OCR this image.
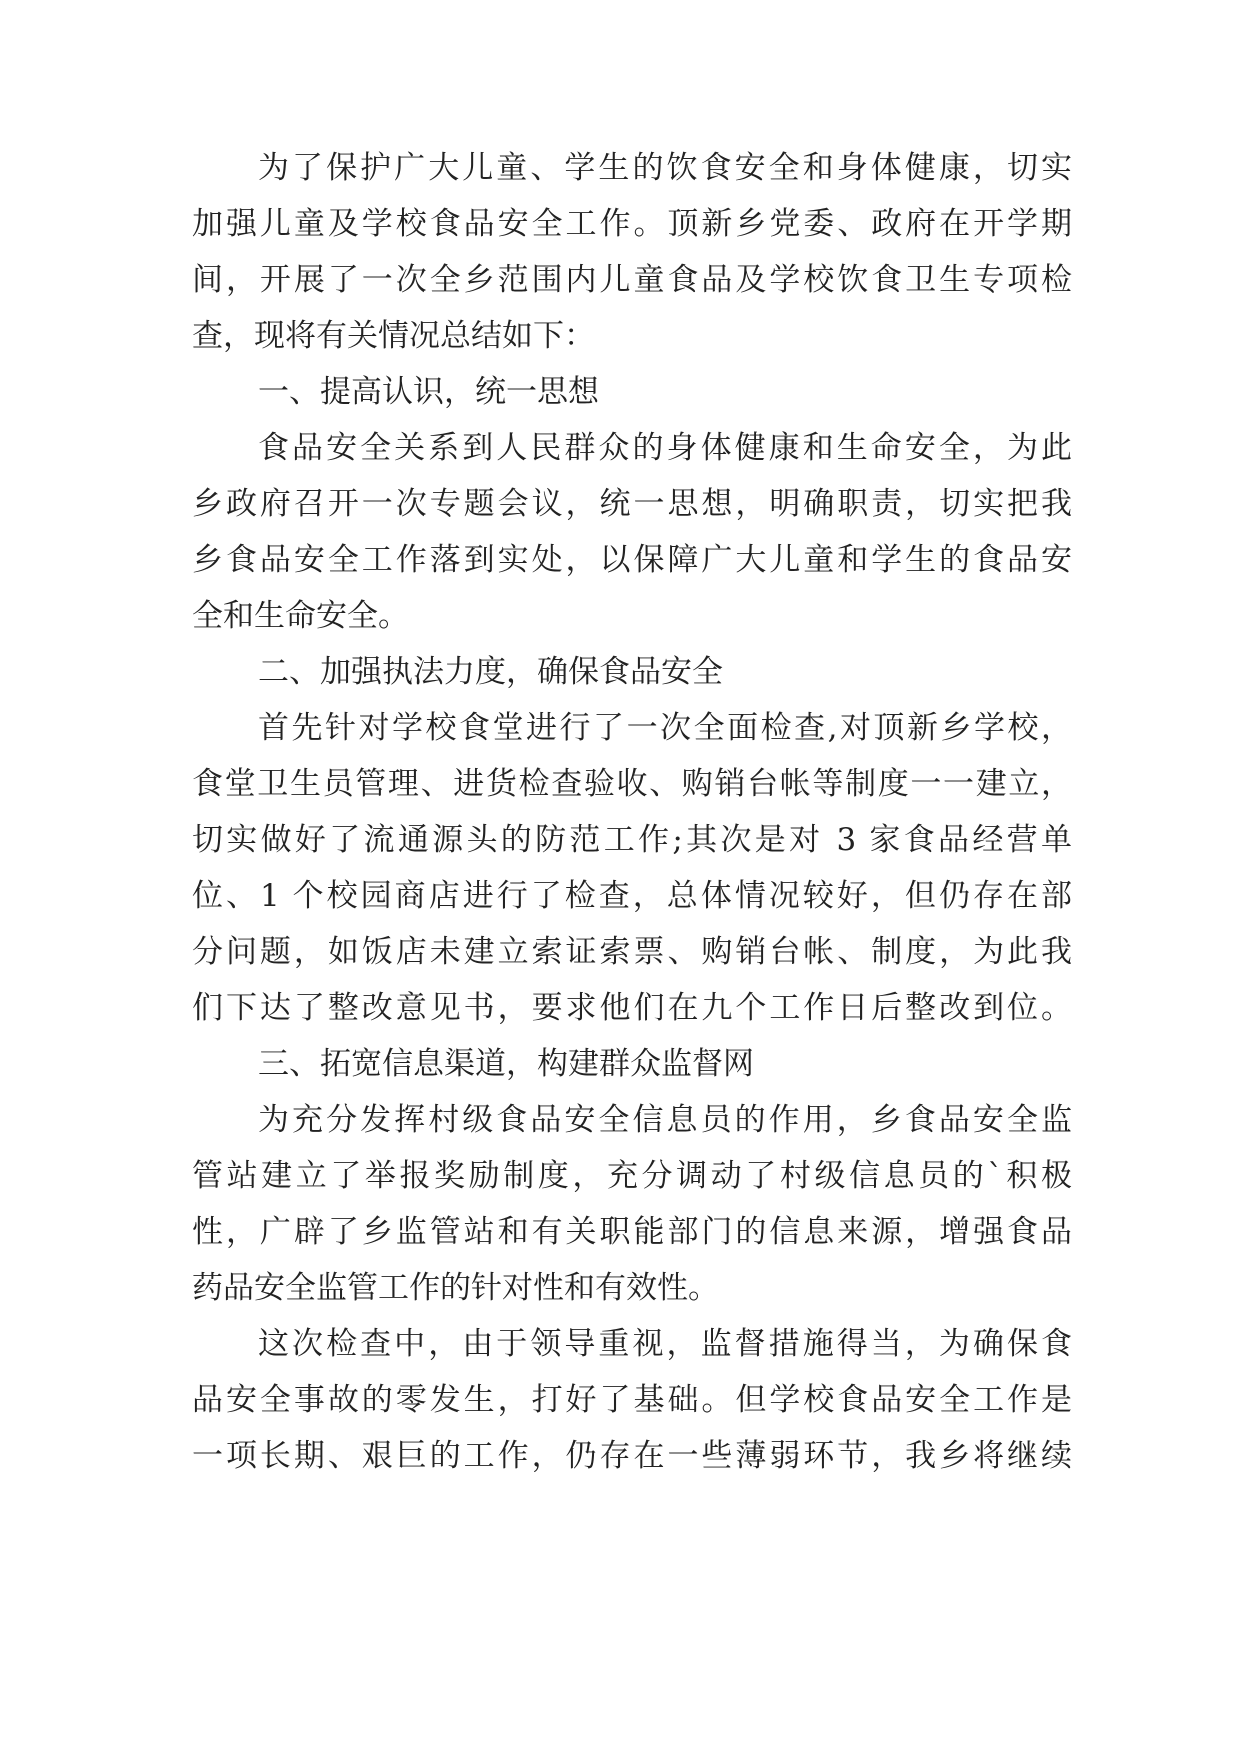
为了保护广大儿童、学生的饮食安全和身体健康，切实
加强儿童及学校食品安全工作。顶新乡党委、政府在开学期
间，开展了一次全乡范围内儿童食品及学校饮食卫生专项检
查，现将有关情况总结如下：
一、提高认识，统一思想
食品安全关系到人民群众的身体健康和生命安全，为此
乡政府召开一次专题会议，统一思想，明确职责，切实把我
乡食品安全工作落到实处，以保障广大儿童和学生的食品安
全和生命安全。
二、加强执法力度，确保食品安全
首先针对学校食堂进行了一次全面检查,对顶新乡学校，
食堂卫生员管理、进货检查验收、购销台帐等制度一一建立，
切实做好了流通源头的防范工作;其次是对 3 家食品经营单
位、1 个校园商店进行了检查，总体情况较好，但仍存在部
分问题，如饭店未建立索证索票、购销台帐、制度，为此我
们下达了整改意见书，要求他们在九个工作日后整改到位。
三、拓宽信息渠道，构建群众监督网
为充分发挥村级食品安全信息员的作用，乡食品安全监
管站建立了举报奖励制度，充分调动了村级信息员的`积极
性，广辟了乡监管站和有关职能部门的信息来源，增强食品
药品安全监管工作的针对性和有效性。
这次检查中，由于领导重视，监督措施得当，为确保食
品安全事故的零发生，打好了基础。但学校食品安全工作是
一项长期、艰巨的工作，仍存在一些薄弱环节，我乡将继续
